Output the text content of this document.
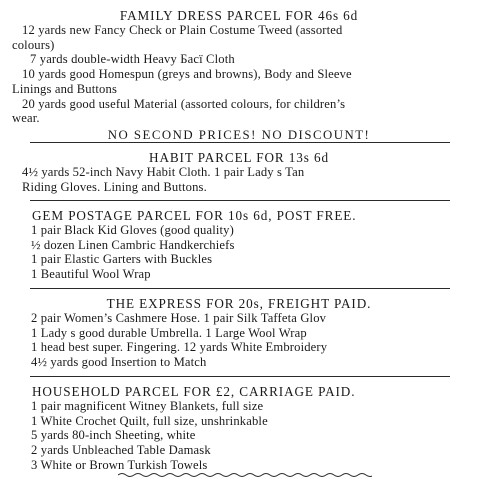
FAMILY DRESS PARCEL FOR 46s 6d
12 yards new Fancy Check or Plain Costume Tweed (assorted
colours)
7 yards double-width Heavy Басї Cloth
10 yards good Homespun (greys and browns), Body and Sleeve
Linings and Buttons
20 yards good useful Material (assorted colours, for children’s
wear.
NO SECOND PRICES! NO DISCOUNT!
HABIT PARCEL FOR 13s 6d
4½ yards 52-inch Navy Habit Cloth. 1 pair Lady s Tan
Riding Gloves. Lining and Buttons.
GEM POSTAGE PARCEL FOR 10s 6d, POST FREE.
1 pair Black Kid Gloves (good quality)
½ dozen Linen Cambric Handkerchiefs
1 pair Elastic Garters with Buckles
1 Beautiful Wool Wrap
THE EXPRESS FOR 20s, FREIGHT PAID.
2 pair Women’s Cashmere Hose. 1 pair Silk Taffeta Glov
1 Lady s good durable Umbrella. 1 Large Wool Wrap
1 head best super. Fingering. 12 yards White Embroidery
4½ yards good Insertion to Match
HOUSEHOLD PARCEL FOR £2, CARRIAGE PAID.
1 pair magnificent Witney Blankets, full size
1 White Crochet Quilt, full size, unshrinkable
5 yards 80-inch Sheeting, white
2 yards Unbleached Table Damask
3 White or Brown Turkish Towels
